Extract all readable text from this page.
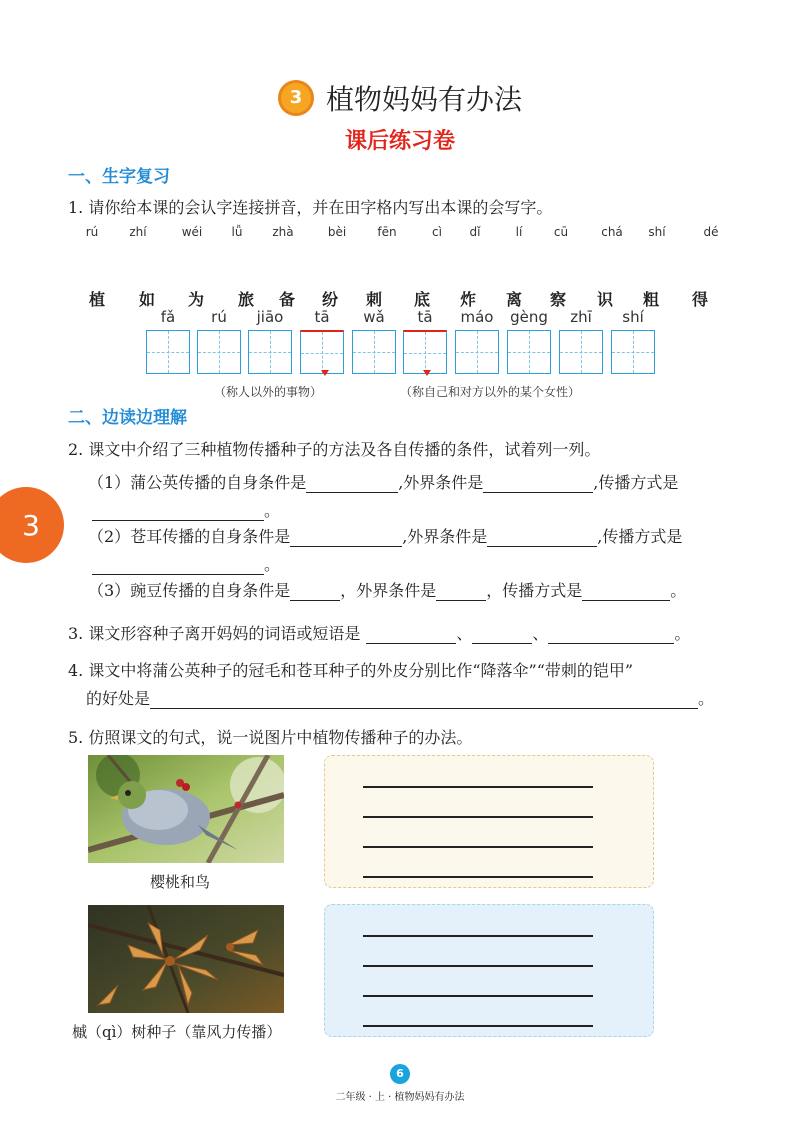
3 植物妈妈有办法
课后练习卷
一、生字复习
1. 请你给本课的会认字连接拼音，并在田字格内写出本课的会写字。
rú	zhí	wéi lǚ zhà	bèi	fēn	cì dǐ	lí	cū	chá shí	dé
植 如 为 旅 备 纷 刺 底 炸 离 察 识 粗 得
fǎ rú jiāo tā wǎ tā máo gèng zhī shí
（称人以外的事物）	（称自己和对方以外的某个女性）
二、边读边理解
2. 课文中介绍了三种植物传播种子的方法及各自传播的条件，试着列一列。
3
（1）蒲公英传播的自身条件是	,外界条件是	,传播方式是
。
（2）苍耳传播的自身条件是	,外界条件是	,传播方式是
。
（3）豌豆传播的自身条件是	，外界条件是	，传播方式是	。
3. 课文形容种子离开妈妈的词语或短语是	、	、	。
4. 课文中将蒲公英种子的冠毛和苍耳种子的外皮分别比作“降落伞”“带刺的铠甲”
的好处是	。
5. 仿照课文的句式，说一说图片中植物传播种子的办法。
樱桃和鸟
槭（qì）树种子（靠风力传播）
6
二年级 · 上 · 植物妈妈有办法
